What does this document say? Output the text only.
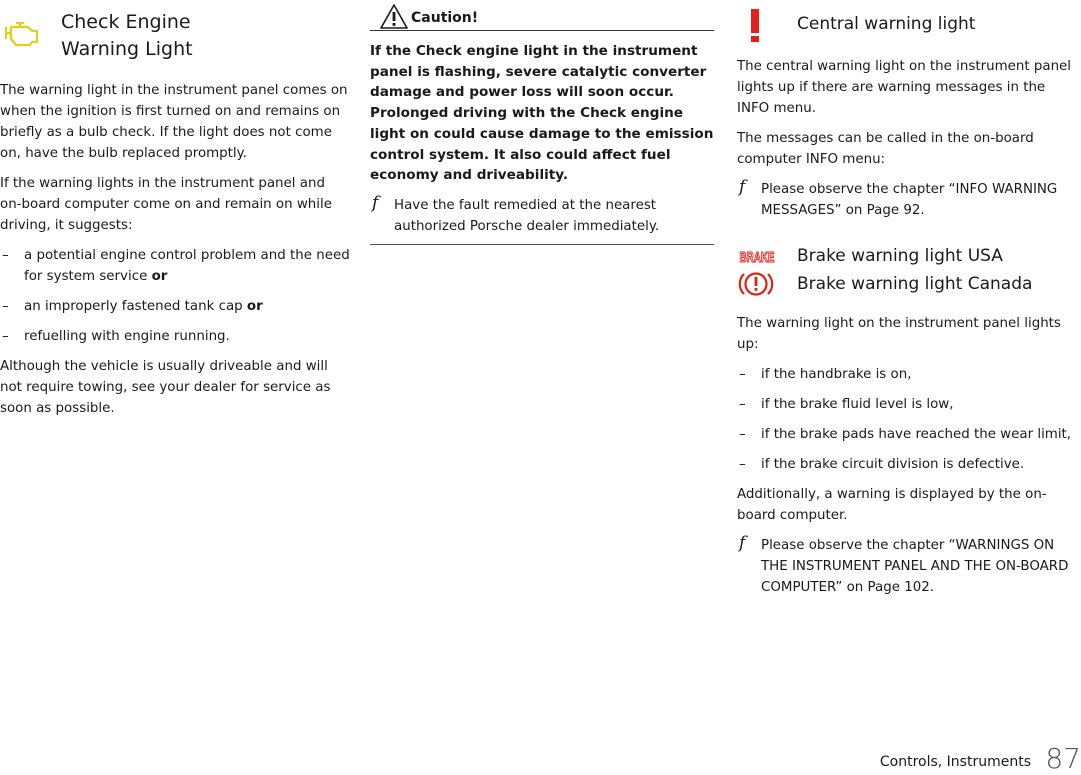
Check Engine
Warning Light

The warning light in the instrument panel comes on when the ignition is first turned on and remains on briefly as a bulb check. If the light does not come on, have the bulb replaced promptly.

If the warning lights in the instrument panel and on-board computer come on and remain on while driving, it suggests:

– a potential engine control problem and the need for system service or
– an improperly fastened tank cap or
– refuelling with engine running.

Although the vehicle is usually driveable and will not require towing, see your dealer for service as soon as possible.

Caution!
If the Check engine light in the instrument panel is flashing, severe catalytic converter damage and power loss will soon occur. Prolonged driving with the Check engine light on could cause damage to the emission control system. It also could affect fuel economy and driveability.
f Have the fault remedied at the nearest authorized Porsche dealer immediately.
Central warning light

The central warning light on the instrument panel lights up if there are warning messages in the INFO menu.

The messages can be called in the on-board computer INFO menu:

f Please observe the chapter “INFO WARNING MESSAGES” on Page 92.
BRAKE Brake warning light USA
Brake warning light Canada

The warning light on the instrument panel lights up:

– if the handbrake is on,
– if the brake fluid level is low,
– if the brake pads have reached the wear limit,
– if the brake circuit division is defective.

Additionally, a warning is displayed by the on-board computer.

f Please observe the chapter “WARNINGS ON THE INSTRUMENT PANEL AND THE ON-BOARD COMPUTER” on Page 102.
Controls, Instruments 87
